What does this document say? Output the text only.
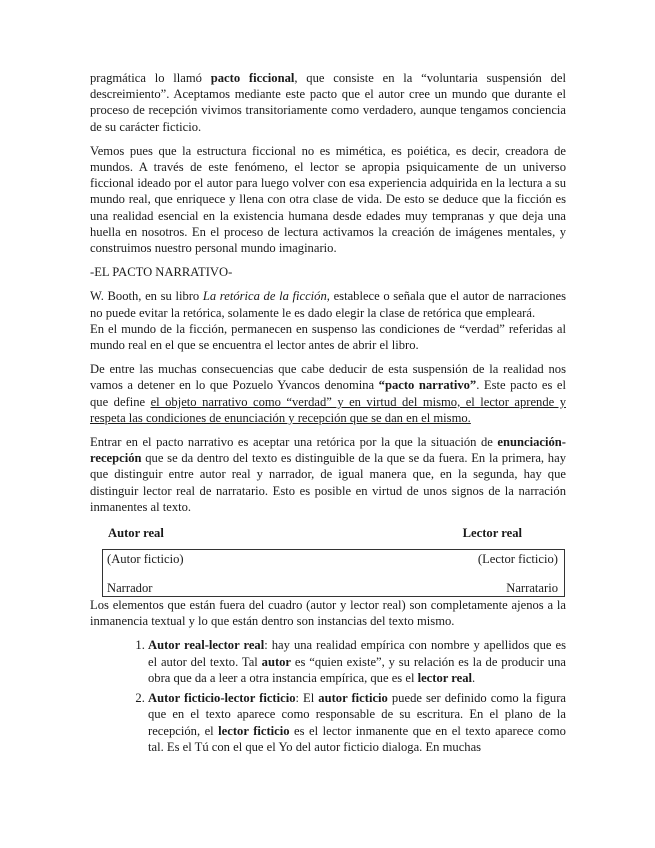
pragmática lo llamó pacto ficcional, que consiste en la “voluntaria suspensión del descreimiento”. Aceptamos mediante este pacto que el autor cree un mundo que durante el proceso de recepción vivimos transitoriamente como verdadero, aunque tengamos conciencia de su carácter ficticio.

Vemos pues que la estructura ficcional no es mimética, es poiética, es decir, creadora de mundos. A través de este fenómeno, el lector se apropia psiquicamente de un universo ficcional ideado por el autor para luego volver con esa experiencia adquirida en la lectura a su mundo real, que enriquece y llena con otra clase de vida. De esto se deduce que la ficción es una realidad esencial en la existencia humana desde edades muy tempranas y que deja una huella en nosotros. En el proceso de lectura activamos la creación de imágenes mentales, y construimos nuestro personal mundo imaginario.

-EL PACTO NARRATIVO-

W. Booth, en su libro La retórica de la ficción, establece o señala que el autor de narraciones no puede evitar la retórica, solamente le es dado elegir la clase de retórica que empleará.

En el mundo de la ficción, permanecen en suspenso las condiciones de “verdad” referidas al mundo real en el que se encuentra el lector antes de abrir el libro.

De entre las muchas consecuencias que cabe deducir de esta suspensión de la realidad nos vamos a detener en lo que Pozuelo Yvancos denomina “pacto narrativo”. Este pacto es el que define el objeto narrativo como “verdad” y en virtud del mismo, el lector aprende y respeta las condiciones de enunciación y recepción que se dan en el mismo.

Entrar en el pacto narrativo es aceptar una retórica por la que la situación de enunciación-recepción que se da dentro del texto es distinguible de la que se da fuera. En la primera, hay que distinguir entre autor real y narrador, de igual manera que, en la segunda, hay que distinguir lector real de narratario. Esto es posible en virtud de unos signos de la narración inmanentes al texto.

Autor real	Lector real
(Autor ficticio)	(Lector ficticio)
Narrador	Narratario

Los elementos que están fuera del cuadro (autor y lector real) son completamente ajenos a la inmanencia textual y lo que están dentro son instancias del texto mismo.

1. Autor real-lector real: hay una realidad empírica con nombre y apellidos que es el autor del texto. Tal autor es “quien existe”, y su relación es la de producir una obra que da a leer a otra instancia empírica, que es el lector real.
2. Autor ficticio-lector ficticio: El autor ficticio puede ser definido como la figura que en el texto aparece como responsable de su escritura. En el plano de la recepción, el lector ficticio es el lector inmanente que en el texto aparece como tal. Es el Tú con el que el Yo del autor ficticio dialoga. En muchas
